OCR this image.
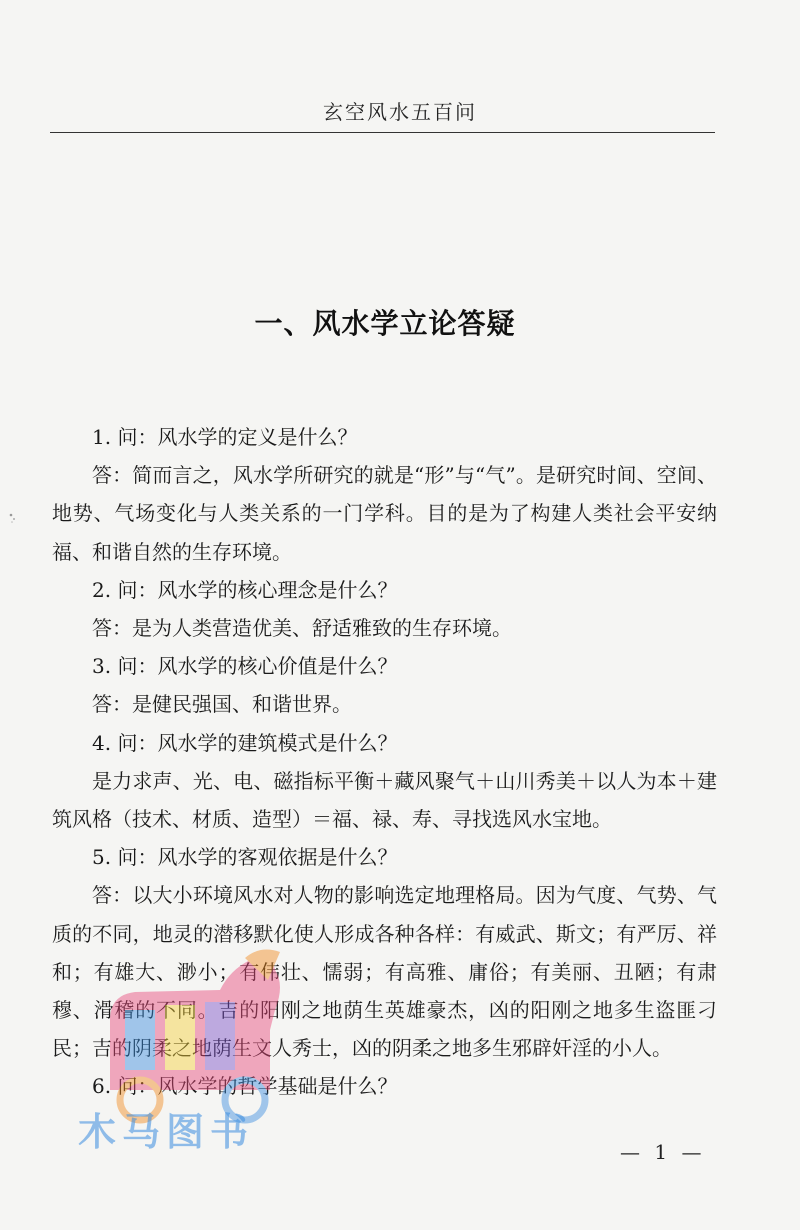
玄空风水五百问
一、风水学立论答疑

1. 问：风水学的定义是什么？

答：简而言之，风水学所研究的就是“形”与“气”。是研究时间、空间、地势、气场变化与人类关系的一门学科。目的是为了构建人类社会平安纳福、和谐自然的生存环境。

2. 问：风水学的核心理念是什么？

答：是为人类营造优美、舒适雅致的生存环境。

3. 问：风水学的核心价值是什么？

答：是健民强国、和谐世界。

4. 问：风水学的建筑模式是什么？

是力求声、光、电、磁指标平衡＋藏风聚气＋山川秀美＋以人为本＋建筑风格（技术、材质、造型）＝福、禄、寿、寻找选风水宝地。

5. 问：风水学的客观依据是什么？

答：以大小环境风水对人物的影响选定地理格局。因为气度、气势、气质的不同，地灵的潜移默化使人形成各种各样：有威武、斯文；有严厉、祥和；有雄大、渺小；有伟壮、懦弱；有高雅、庸俗；有美丽、丑陋；有肃穆、滑稽的不同。吉的阳刚之地荫生英雄豪杰，凶的阳刚之地多生盗匪刁民；吉的阴柔之地荫生文人秀士，凶的阴柔之地多生邪辟奸淫的小人。

6. 问：风水学的哲学基础是什么？

— 1 —
木马图书
